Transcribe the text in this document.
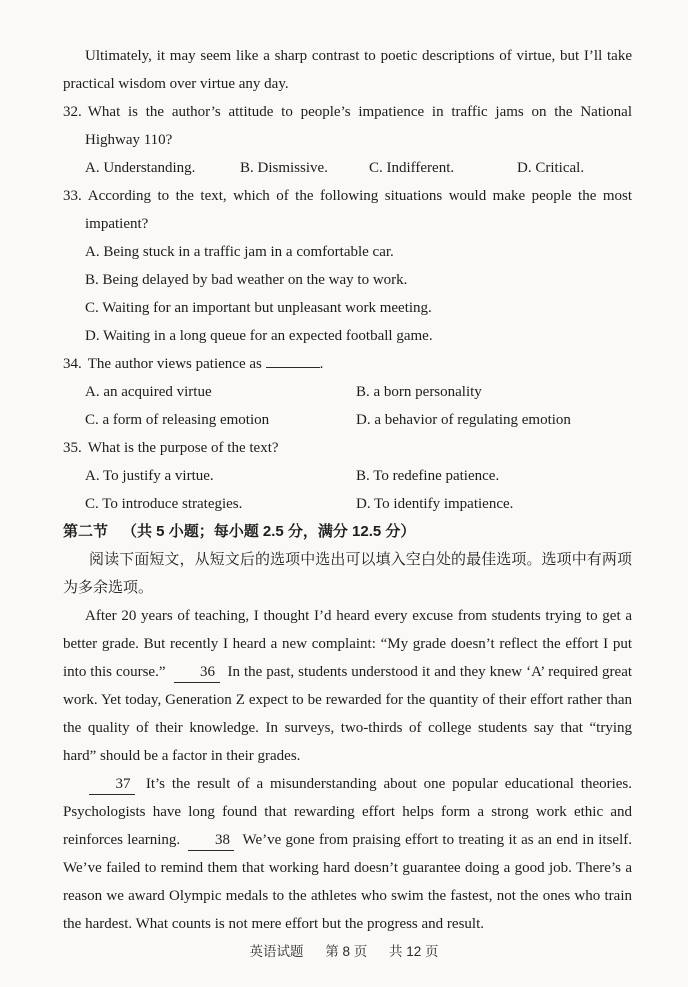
Ultimately, it may seem like a sharp contrast to poetic descriptions of virtue, but I’ll take practical wisdom over virtue any day.

32. What is the author’s attitude to people’s impatience in traffic jams on the National Highway 110?

A. Understanding.	B. Dismissive.	C. Indifferent.	D. Critical.

33. According to the text, which of the following situations would make people the most impatient?

A. Being stuck in a traffic jam in a comfortable car.

B. Being delayed by bad weather on the way to work.

C. Waiting for an important but unpleasant work meeting.

D. Waiting in a long queue for an expected football game.

34. The author views patience as	.

A. an acquired virtue	B. a born personality
C. a form of releasing emotion	D. a behavior of regulating emotion

35. What is the purpose of the text?

A. To justify a virtue.	B. To redefine patience.
C. To introduce strategies.	D. To identify impatience.

第二节 （共 5 小题；每小题 2.5 分，满分 12.5 分）

阅读下面短文，从短文后的选项中选出可以填入空白处的最佳选项。选项中有两项为多余选项。

After 20 years of teaching, I thought I’d heard every excuse from students trying to get a better grade. But recently I heard a new complaint: “My grade doesn’t reflect the effort I put into this course.” 36 In the past, students understood it and they knew ‘A’ required great work. Yet today, Generation Z expect to be rewarded for the quantity of their effort rather than the quality of their knowledge. In surveys, two-thirds of college students say that “trying hard” should be a factor in their grades.

37 It’s the result of a misunderstanding about one popular educational theories. Psychologists have long found that rewarding effort helps form a strong work ethic and reinforces learning. 38 We’ve gone from praising effort to treating it as an end in itself. We’ve failed to remind them that working hard doesn’t guarantee doing a good job. There’s a reason we award Olympic medals to the athletes who swim the fastest, not the ones who train the hardest. What counts is not mere effort but the progress and result.

英语试题 第 8 页 共 12 页
